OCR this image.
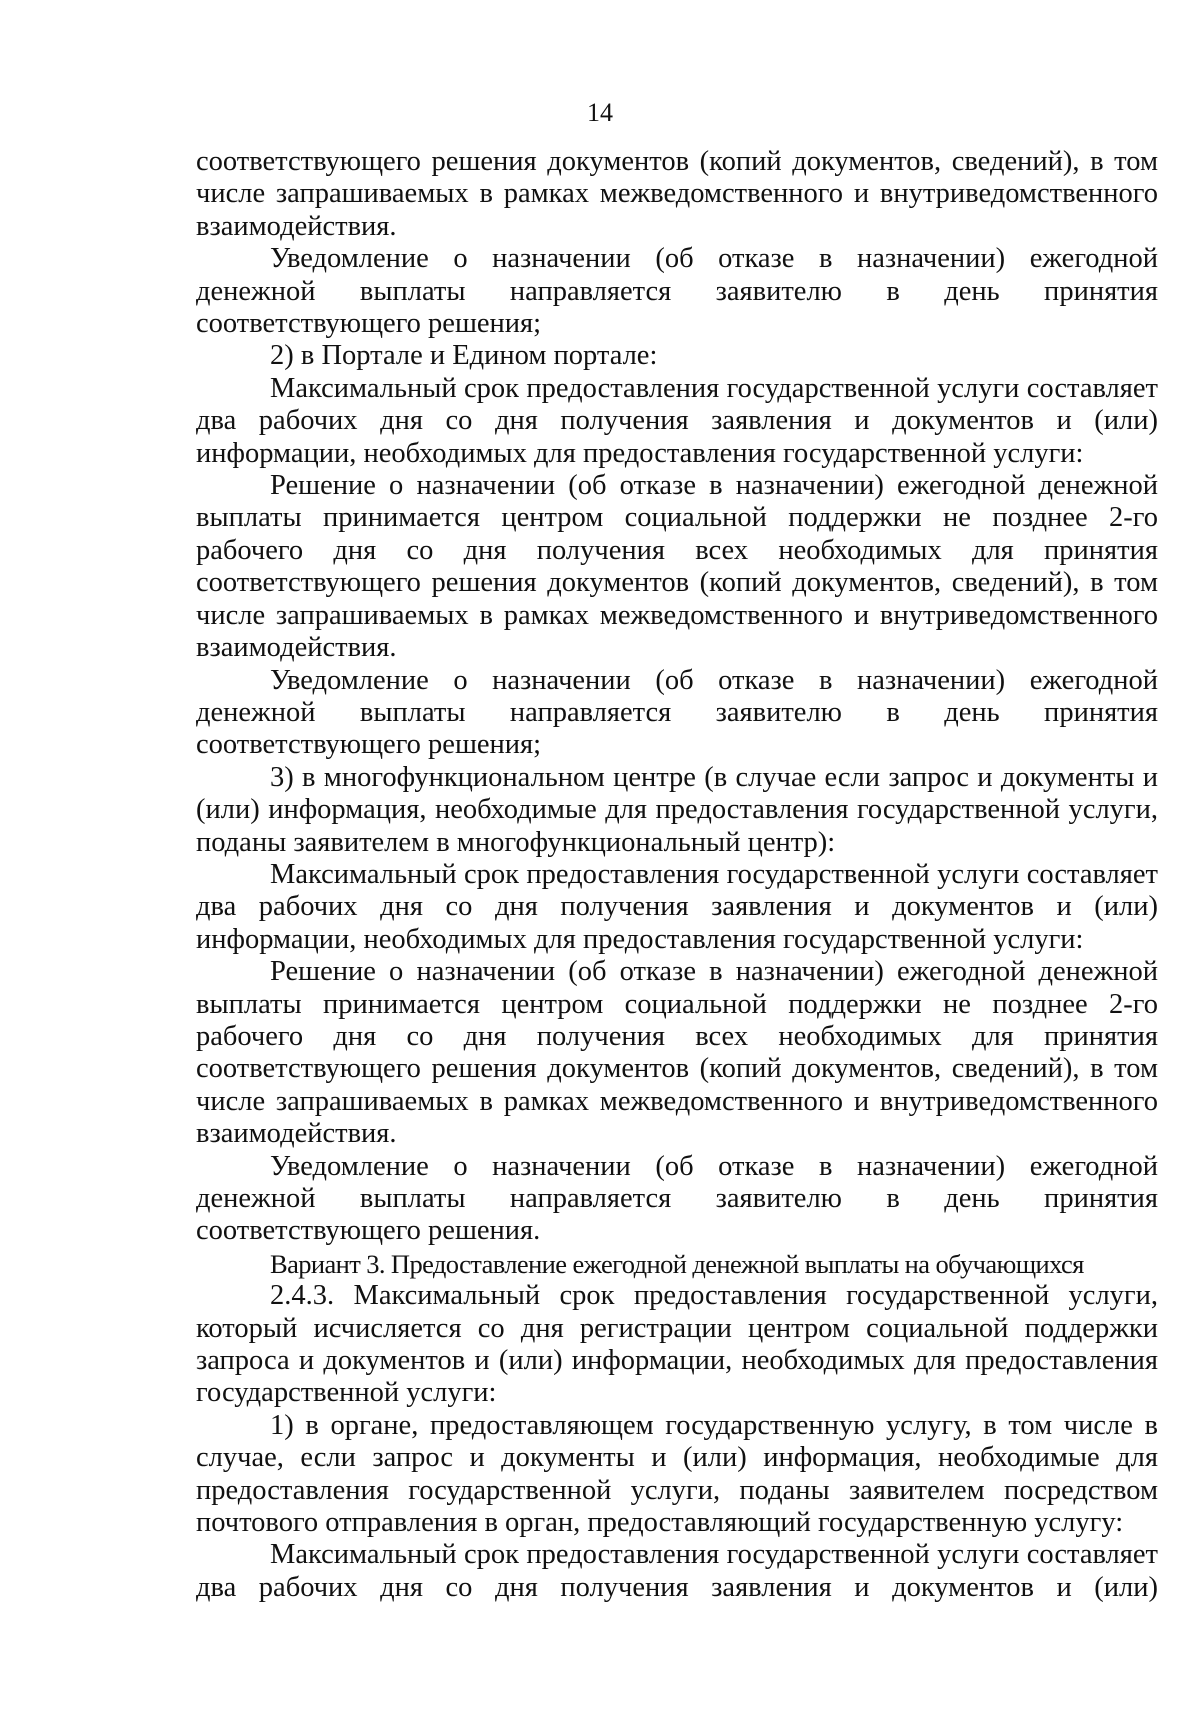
14

соответствующего решения документов (копий документов, сведений), в том числе запрашиваемых в рамках межведомственного и внутриведомственного взаимодействия.

Уведомление о назначении (об отказе в назначении) ежегодной денежной выплаты направляется заявителю в день принятия соответствующего решения;

2) в Портале и Едином портале:

Максимальный срок предоставления государственной услуги составляет два рабочих дня со дня получения заявления и документов и (или) информации, необходимых для предоставления государственной услуги:

Решение о назначении (об отказе в назначении) ежегодной денежной выплаты принимается центром социальной поддержки не позднее 2-го рабочего дня со дня получения всех необходимых для принятия соответствующего решения документов (копий документов, сведений), в том числе запрашиваемых в рамках межведомственного и внутриведомственного взаимодействия.

Уведомление о назначении (об отказе в назначении) ежегодной денежной выплаты направляется заявителю в день принятия соответствующего решения;

3) в многофункциональном центре (в случае если запрос и документы и (или) информация, необходимые для предоставления государственной услуги, поданы заявителем в многофункциональный центр):

Максимальный срок предоставления государственной услуги составляет два рабочих дня со дня получения заявления и документов и (или) информации, необходимых для предоставления государственной услуги:

Решение о назначении (об отказе в назначении) ежегодной денежной выплаты принимается центром социальной поддержки не позднее 2-го рабочего дня со дня получения всех необходимых для принятия соответствующего решения документов (копий документов, сведений), в том числе запрашиваемых в рамках межведомственного и внутриведомственного взаимодействия.

Уведомление о назначении (об отказе в назначении) ежегодной денежной выплаты направляется заявителю в день принятия соответствующего решения.

Вариант 3. Предоставление ежегодной денежной выплаты на обучающихся

2.4.3. Максимальный срок предоставления государственной услуги, который исчисляется со дня регистрации центром социальной поддержки запроса и документов и (или) информации, необходимых для предоставления государственной услуги:

1) в органе, предоставляющем государственную услугу, в том числе в случае, если запрос и документы и (или) информация, необходимые для предоставления государственной услуги, поданы заявителем посредством почтового отправления в орган, предоставляющий государственную услугу:

Максимальный срок предоставления государственной услуги составляет два рабочих дня со дня получения заявления и документов и (или)
